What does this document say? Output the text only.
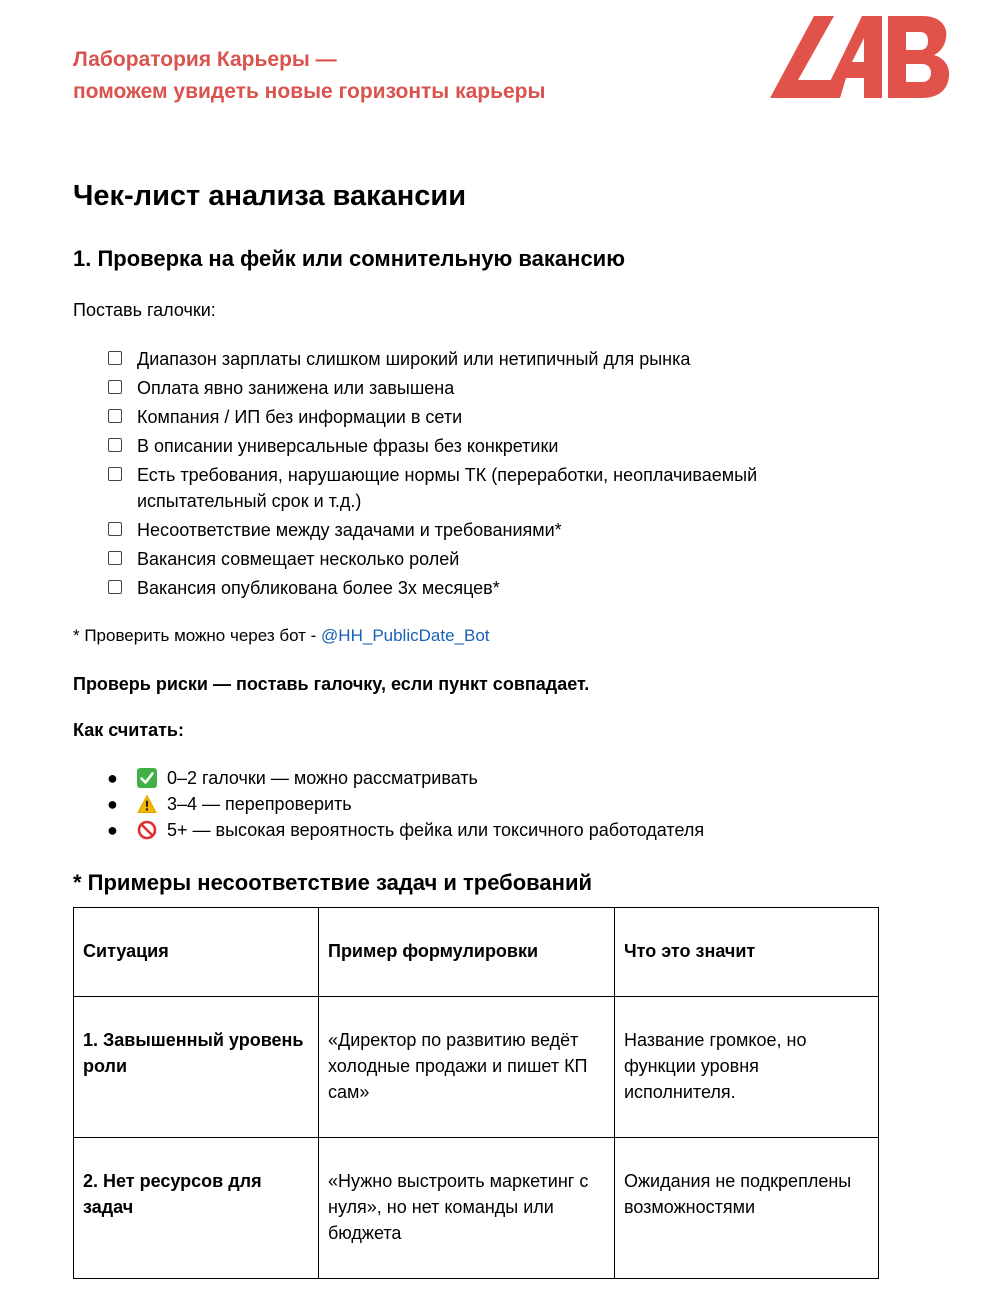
Лаборатория Карьеры —
поможем увидеть новые горизонты карьеры
Чек-лист анализа вакансии
1. Проверка на фейк или сомнительную вакансию
Поставь галочки:
Диапазон зарплаты слишком широкий или нетипичный для рынка
Оплата явно занижена или завышена
Компания / ИП без информации в сети
В описании универсальные фразы без конкретики
Есть требования, нарушающие нормы ТК (переработки, неоплачиваемый испытательный срок и т.д.)
Несоответствие между задачами и требованиями*
Вакансия совмещает несколько ролей
Вакансия опубликована более 3х месяцев*
* Проверить можно через бот - @HH_PublicDate_Bot
Проверь риски — поставь галочку, если пункт совпадает.
Как считать:
●	0–2 галочки — можно рассматривать
●	3–4 — перепроверить
●	5+ — высокая вероятность фейка или токсичного работодателя
* Примеры несоответствие задач и требований
Ситуация	Пример формулировки	Что это значит
1. Завышенный уровень роли	«Директор по развитию ведёт холодные продажи и пишет КП сам»	Название громкое, но функции уровня исполнителя.
2. Нет ресурсов для задач	«Нужно выстроить маркетинг с нуля», но нет команды или бюджета	Ожидания не подкреплены возможностями
